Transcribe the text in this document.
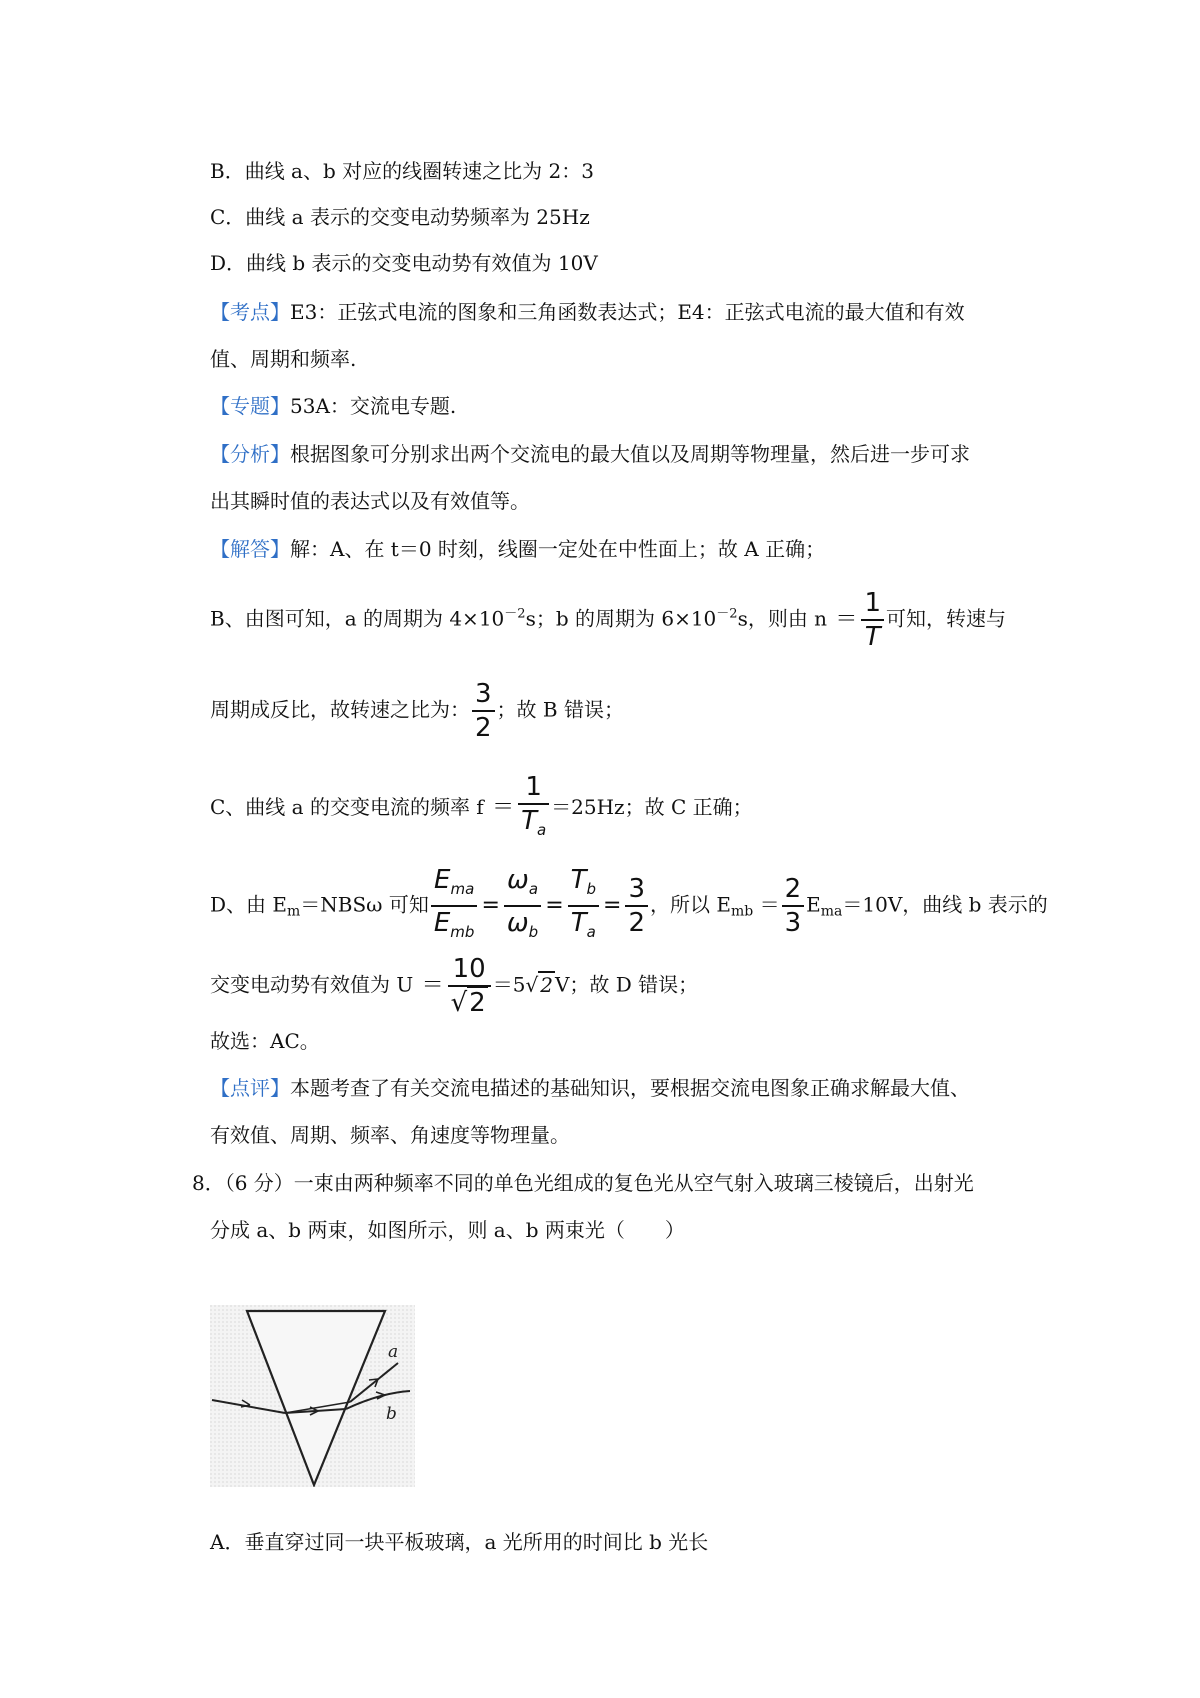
B．曲线 a、b 对应的线圈转速之比为 2：3
C．曲线 a 表示的交变电动势频率为 25Hz
D．曲线 b 表示的交变电动势有效值为 10V
【考点】E3：正弦式电流的图象和三角函数表达式；E4：正弦式电流的最大值和有效
值、周期和频率.
【专题】53A：交流电专题.
【分析】根据图象可分别求出两个交流电的最大值以及周期等物理量，然后进一步可求
出其瞬时值的表达式以及有效值等。
【解答】解：A、在 t＝0 时刻，线圈一定处在中性面上；故 A 正确；
B、由图可知，a 的周期为 $4\times 10^{-2}s$；b 的周期为 $6\times 10^{-2}s$，则由 $n = \frac{1}{T}$ 可知，转速与
周期成反比，故转速之比为： $\frac{3}{2}$ ；故 B 错误；
C、曲线 a 的交变电流的频率 $f = \frac{1}{T_a} =25Hz$；故 C 正确；
D、由 $E_m=NBS\omega$ 可知 $\frac{E_{ma}}{E_{mb}} = \frac{\omega_a}{\omega_b} = \frac{T_b}{T_a} = \frac{3}{2}$ ，所以 $E_{mb} = \frac{2}{3} E_{ma}=10V$，曲线 b 表示的
交变电动势有效值为 $U = \frac{10}{√2} =5√$ 2 V；故 D 错误；
故选：AC。
【点评】本题考查了有关交流电描述的基础知识，要根据交流电图象正确求解最大值、
有效值、周期、频率、角速度等物理量。
8．（6 分）一束由两种频率不同的单色光组成的复色光从空气射入玻璃三棱镜后，出射光
分成 a、b 两束，如图所示，则 a、b 两束光（　　）
a
b
A．垂直穿过同一块平板玻璃，a 光所用的时间比 b 光长
